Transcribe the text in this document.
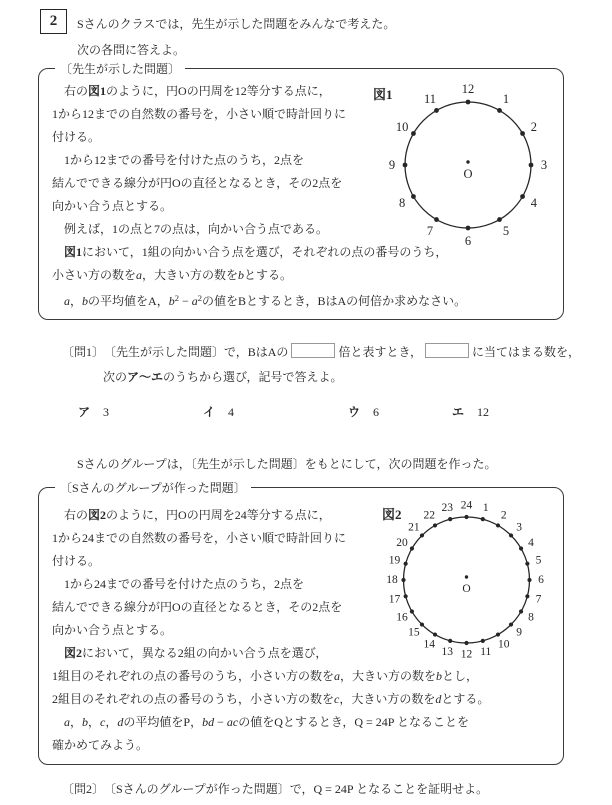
2	Sさんのクラスでは，先生が示した問題をみんなで考えた。
次の各問に答えよ。
〔先生が示した問題〕
　右の図1のように，円Oの円周を12等分する点に，
1から12までの自然数の番号を，小さい順で時計回りに
付ける。
　1から12までの番号を付けた点のうち，2点を
結んでできる線分が円Oの直径となるとき，その2点を
向かい合う点とする。
　例えば，1の点と7の点は，向かい合う点である。
　図1において，1組の向かい合う点を選び，それぞれの点の番号のうち，
小さい方の数をa，大きい方の数をbとする。
　a，bの平均値をA，$b^2 - a^2$の値をBとするとき，BはAの何倍か求めなさい。
図1	1
2
3
4
5
6
7
8
9
10
11
12
O
〔問1〕　〔先生が示した問題〕で，BはAの	倍と表すとき，	に当てはまる数を，
次のア～エのうちから選び，記号で答えよ。
ア 3	イ 4	ウ 6	エ 12
Sさんのグループは，〔先生が示した問題〕をもとにして，次の問題を作った。
〔Sさんのグループが作った問題〕
　右の図2のように，円Oの円周を24等分する点に，
1から24までの自然数の番号を，小さい順で時計回りに
付ける。
　1から24までの番号を付けた点のうち，2点を
結んでできる線分が円Oの直径となるとき，その2点を
向かい合う点とする。
　図2において，異なる2組の向かい合う点を選び，
1組目のそれぞれの点の番号のうち，小さい方の数をa，大きい方の数をbとし，
2組目のそれぞれの点の番号のうち，小さい方の数をc，大きい方の数をdとする。
　a，b，c，dの平均値をP，bd − acの値をQとするとき，Q = 24P となることを
確かめてみよう。
図2	1
2
3
4
5
6
7
8
9
10
11
12
13
14
15
16
17
18
19
20
21
22
23 24
O
〔問2〕　〔Sさんのグループが作った問題〕で，Q = 24P となることを証明せよ。
